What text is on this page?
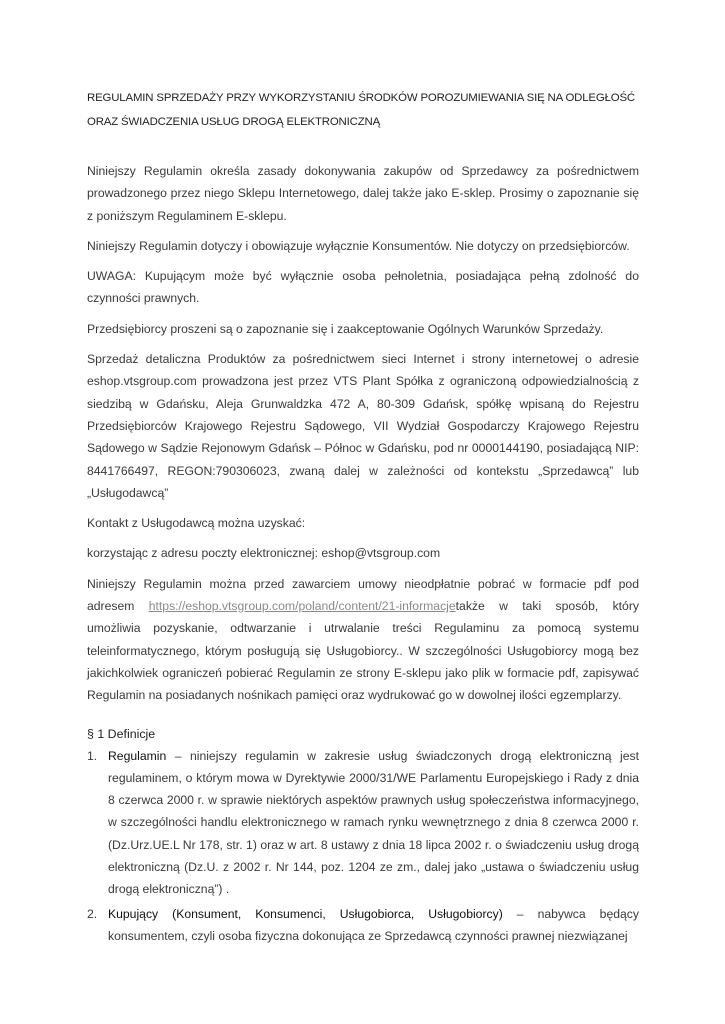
REGULAMIN SPRZEDAŻY PRZY WYKORZYSTANIU ŚRODKÓW POROZUMIEWANIA SIĘ NA ODLEGŁOŚĆ ORAZ ŚWIADCZENIA USŁUG DROGĄ ELEKTRONICZNĄ

Niniejszy Regulamin określa zasady dokonywania zakupów od Sprzedawcy za pośrednictwem prowadzonego przez niego Sklepu Internetowego, dalej także jako E-sklep. Prosimy o zapoznanie się z poniższym Regulaminem E-sklepu.

Niniejszy Regulamin dotyczy i obowiązuje wyłącznie Konsumentów. Nie dotyczy on przedsiębiorców.

UWAGA: Kupującym może być wyłącznie osoba pełnoletnia, posiadająca pełną zdolność do czynności prawnych.

Przedsiębiorcy proszeni są o zapoznanie się i zaakceptowanie Ogólnych Warunków Sprzedaży.

Sprzedaż detaliczna Produktów za pośrednictwem sieci Internet i strony internetowej o adresie eshop.vtsgroup.com prowadzona jest przez VTS Plant Spółka z ograniczoną odpowiedzialnością z siedzibą w Gdańsku, Aleja Grunwaldzka 472 A, 80-309 Gdańsk, spółkę wpisaną do Rejestru Przedsiębiorców Krajowego Rejestru Sądowego, VII Wydział Gospodarczy Krajowego Rejestru Sądowego w Sądzie Rejonowym Gdańsk – Północ w Gdańsku, pod nr 0000144190, posiadającą NIP: 8441766497, REGON:790306023, zwaną dalej w zależności od kontekstu „Sprzedawcą” lub „Usługodawcą”

Kontakt z Usługodawcą można uzyskać:

korzystając z adresu poczty elektronicznej: eshop@vtsgroup.com

Niniejszy Regulamin można przed zawarciem umowy nieodpłatnie pobrać w formacie pdf pod adresem https://eshop.vtsgroup.com/poland/content/21-informacjetakże w taki sposób, który umożliwia pozyskanie, odtwarzanie i utrwalanie treści Regulaminu za pomocą systemu teleinformatycznego, którym posługują się Usługobiorcy.. W szczególności Usługobiorcy mogą bez jakichkolwiek ograniczeń pobierać Regulamin ze strony E-sklepu jako plik w formacie pdf, zapisywać Regulamin na posiadanych nośnikach pamięci oraz wydrukować go w dowolnej ilości egzemplarzy.

§ 1 Definicje
1. Regulamin – niniejszy regulamin w zakresie usług świadczonych drogą elektroniczną jest regulaminem, o którym mowa w Dyrektywie 2000/31/WE Parlamentu Europejskiego i Rady z dnia 8 czerwca 2000 r. w sprawie niektórych aspektów prawnych usług społeczeństwa informacyjnego, w szczególności handlu elektronicznego w ramach rynku wewnętrznego z dnia 8 czerwca 2000 r. (Dz.Urz.UE.L Nr 178, str. 1) oraz w art. 8 ustawy z dnia 18 lipca 2002 r. o świadczeniu usług drogą elektroniczną (Dz.U. z 2002 r. Nr 144, poz. 1204 ze zm., dalej jako „ustawa o świadczeniu usług drogą elektroniczną”) .
2. Kupujący (Konsument, Konsumenci, Usługobiorca, Usługobiorcy) – nabywca będący konsumentem, czyli osoba fizyczna dokonująca ze Sprzedawcą czynności prawnej niezwiązanej
